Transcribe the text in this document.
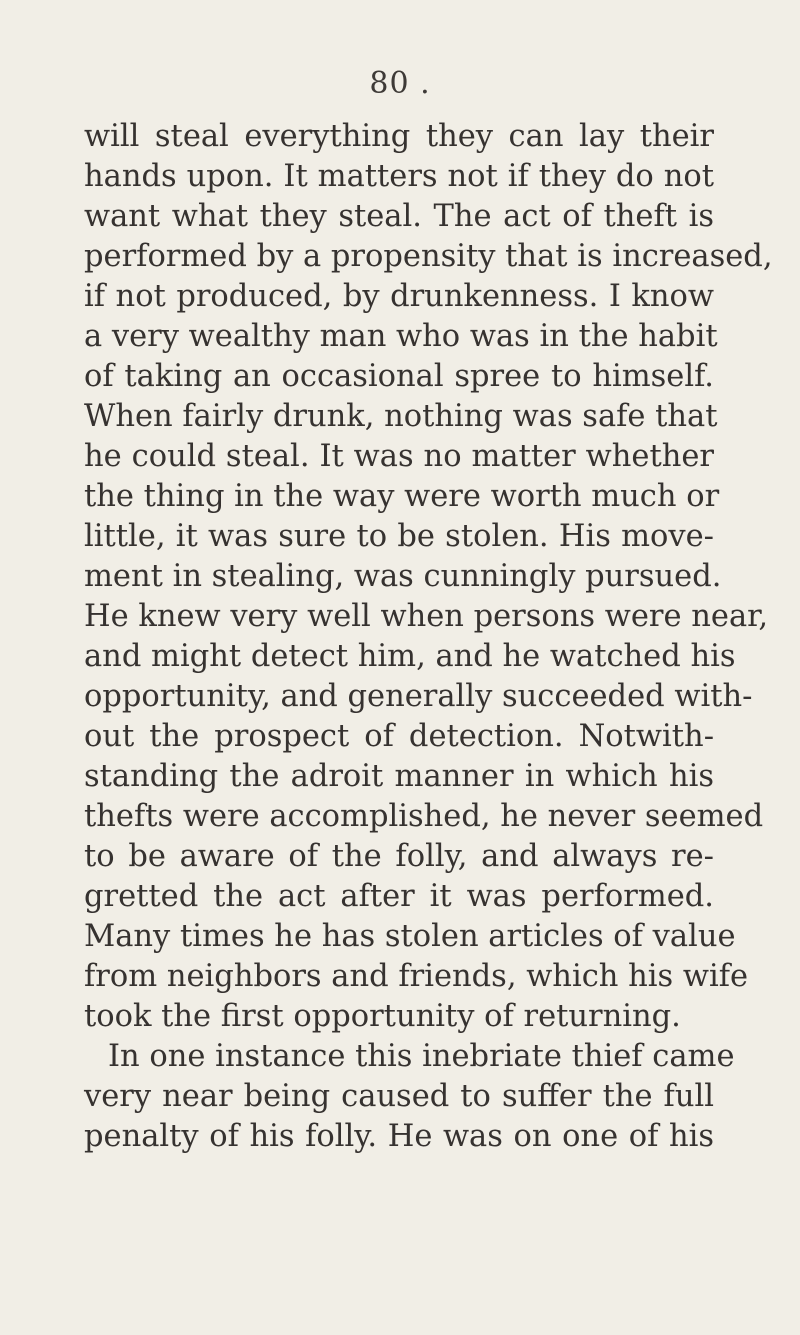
80 .
will steal everything they can lay their
hands upon. It matters not if they do not
want what they steal. The act of theft is
performed by a propensity that is increased,
if not produced, by drunkenness. I know
a very wealthy man who was in the habit
of taking an occasional spree to himself.
When fairly drunk, nothing was safe that
he could steal. It was no matter whether
the thing in the way were worth much or
little, it was sure to be stolen. His move-
ment in stealing, was cunningly pursued.
He knew very well when persons were near,
and might detect him, and he watched his
opportunity, and generally succeeded with-
out the prospect of detection. Notwith-
standing the adroit manner in which his
thefts were accomplished, he never seemed
to be aware of the folly, and always re-
gretted the act after it was performed.
Many times he has stolen articles of value
from neighbors and friends, which his wife
took the first opportunity of returning.
In one instance this inebriate thief came
very near being caused to suffer the full
penalty of his folly. He was on one of his
